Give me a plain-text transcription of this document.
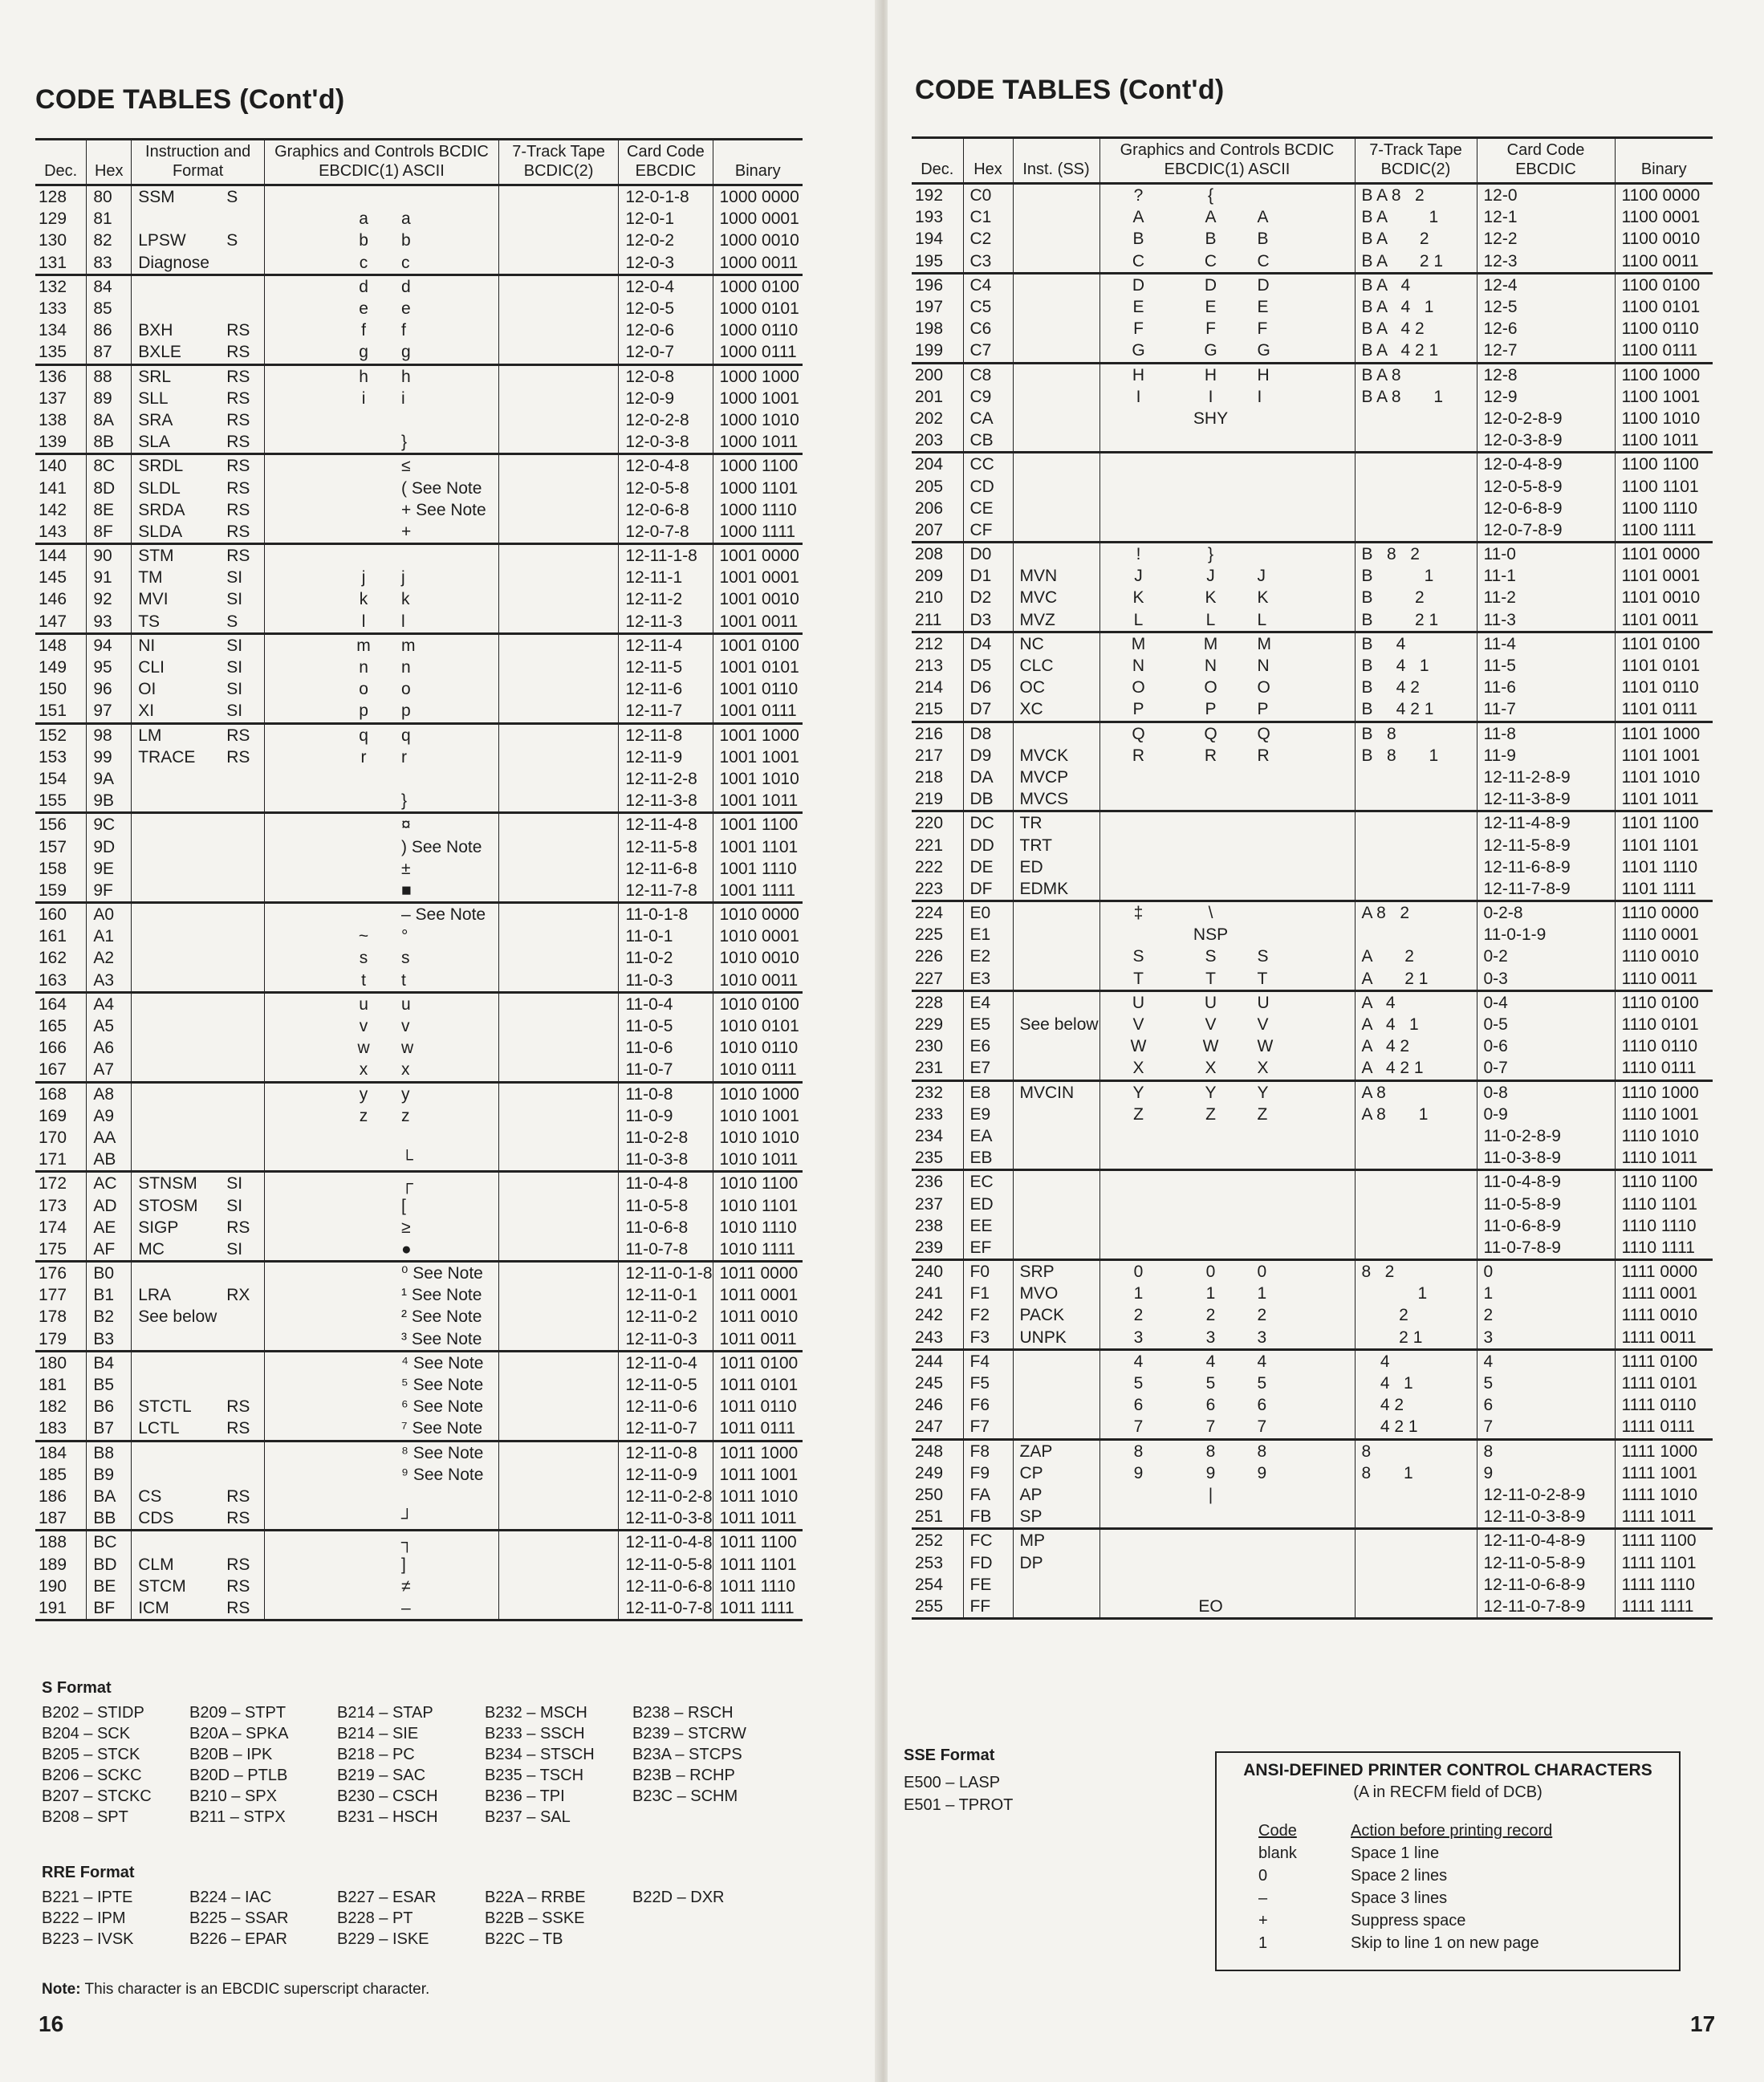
CODE TABLES (Cont'd)
Dec.	Hex	Instruction and Format	Graphics and Controls BCDIC EBCDIC(1) ASCII	7-Track Tape BCDIC(2)	Card Code EBCDIC	Binary
128	80	SSM S			12-0-1-8	1000 0000
129	81		a a		12-0-1	1000 0001
130	82	LPSW S	b b		12-0-2	1000 0010
131	83	Diagnose	c c		12-0-3	1000 0011
132	84		d d		12-0-4	1000 0100
133	85		e e		12-0-5	1000 0101
134	86	BXH RS	f f		12-0-6	1000 0110
135	87	BXLE RS	g g		12-0-7	1000 0111
136	88	SRL RS	h h		12-0-8	1000 1000
137	89	SLL RS	i i		12-0-9	1000 1001
138	8A	SRA RS			12-0-2-8	1000 1010
139	8B	SLA RS	}		12-0-3-8	1000 1011
140	8C	SRDL RS	≤		12-0-4-8	1000 1100
141	8D	SLDL RS	( See Note		12-0-5-8	1000 1101
142	8E	SRDA RS	+ See Note		12-0-6-8	1000 1110
143	8F	SLDA RS	+		12-0-7-8	1000 1111
144	90	STM RS			12-11-1-8	1001 0000
145	91	TM SI	j j		12-11-1	1001 0001
146	92	MVI SI	k k		12-11-2	1001 0010
147	93	TS S	l l		12-11-3	1001 0011
148	94	NI SI	m m		12-11-4	1001 0100
149	95	CLI SI	n n		12-11-5	1001 0101
150	96	OI SI	o o		12-11-6	1001 0110
151	97	XI SI	p p		12-11-7	1001 0111
152	98	LM RS	q q		12-11-8	1001 1000
153	99	TRACE RS	r r		12-11-9	1001 1001
154	9A				12-11-2-8	1001 1010
155	9B		}		12-11-3-8	1001 1011
156	9C		¤		12-11-4-8	1001 1100
157	9D		) See Note		12-11-5-8	1001 1101
158	9E		±		12-11-6-8	1001 1110
159	9F		■		12-11-7-8	1001 1111
160	A0		– See Note		11-0-1-8	1010 0000
161	A1		~ °		11-0-1	1010 0001
162	A2		s s		11-0-2	1010 0010
163	A3		t t		11-0-3	1010 0011
164	A4		u u		11-0-4	1010 0100
165	A5		v v		11-0-5	1010 0101
166	A6		w w		11-0-6	1010 0110
167	A7		x x		11-0-7	1010 0111
168	A8		y y		11-0-8	1010 1000
169	A9		z z		11-0-9	1010 1001
170	AA				11-0-2-8	1010 1010
171	AB		└		11-0-3-8	1010 1011
172	AC	STNSM SI	┌		11-0-4-8	1010 1100
173	AD	STOSM SI	[		11-0-5-8	1010 1101
174	AE	SIGP RS	≥		11-0-6-8	1010 1110
175	AF	MC SI	●		11-0-7-8	1010 1111
176	B0		⁰ See Note		12-11-0-1-8	1011 0000
177	B1	LRA RX	¹ See Note		12-11-0-1	1011 0001
178	B2	See below	² See Note		12-11-0-2	1011 0010
179	B3		³ See Note		12-11-0-3	1011 0011
180	B4		⁴ See Note		12-11-0-4	1011 0100
181	B5		⁵ See Note		12-11-0-5	1011 0101
182	B6	STCTL RS	⁶ See Note		12-11-0-6	1011 0110
183	B7	LCTL RS	⁷ See Note		12-11-0-7	1011 0111
184	B8		⁸ See Note		12-11-0-8	1011 1000
185	B9		⁹ See Note		12-11-0-9	1011 1001
186	BA	CS RS			12-11-0-2-8	1011 1010
187	BB	CDS RS	┘		12-11-0-3-8	1011 1011
188	BC		┐		12-11-0-4-8	1011 1100
189	BD	CLM RS	]		12-11-0-5-8	1011 1101
190	BE	STCM RS	≠		12-11-0-6-8	1011 1110
191	BF	ICM RS	–		12-11-0-7-8	1011 1111
S Format
B202 – STIDP	B209 – STPT	B214 – STAP	B232 – MSCH	B238 – RSCH
B204 – SCK	B20A – SPKA	B214 – SIE	B233 – SSCH	B239 – STCRW
B205 – STCK	B20B – IPK	B218 – PC	B234 – STSCH	B23A – STCPS
B206 – SCKC	B20D – PTLB	B219 – SAC	B235 – TSCH	B23B – RCHP
B207 – STCKC	B210 – SPX	B230 – CSCH	B236 – TPI	B23C – SCHM
B208 – SPT	B211 – STPX	B231 – HSCH	B237 – SAL
RRE Format
B221 – IPTE	B224 – IAC	B227 – ESAR	B22A – RRBE	B22D – DXR
B222 – IPM	B225 – SSAR	B228 – PT	B22B – SSKE
B223 – IVSK	B226 – EPAR	B229 – ISKE	B22C – TB
Note: This character is an EBCDIC superscript character.
16
CODE TABLES (Cont'd)
Dec.	Hex	Inst. (SS)	Graphics and Controls BCDIC EBCDIC(1) ASCII	7-Track Tape BCDIC(2)	Card Code EBCDIC	Binary
192	C0		? {	B A 8   2	12-0	1100 0000
193	C1		A A A	B A         1	12-1	1100 0001
194	C2		B B B	B A       2	12-2	1100 0010
195	C3		C C C	B A       2 1	12-3	1100 0011
196	C4		D D D	B A   4	12-4	1100 0100
197	C5		E E E	B A   4   1	12-5	1100 0101
198	C6		F F F	B A   4 2	12-6	1100 0110
199	C7		G G G	B A   4 2 1	12-7	1100 0111
200	C8		H H H	B A 8	12-8	1100 1000
201	C9		I I I	B A 8       1	12-9	1100 1001
202	CA		SHY		12-0-2-8-9	1100 1010
203	CB				12-0-3-8-9	1100 1011
204	CC				12-0-4-8-9	1100 1100
205	CD				12-0-5-8-9	1100 1101
206	CE				12-0-6-8-9	1100 1110
207	CF				12-0-7-8-9	1100 1111
208	D0		! }	B   8   2	11-0	1101 0000
209	D1	MVN	J J J	B           1	11-1	1101 0001
210	D2	MVC	K K K	B         2	11-2	1101 0010
211	D3	MVZ	L L L	B         2 1	11-3	1101 0011
212	D4	NC	M M M	B     4	11-4	1101 0100
213	D5	CLC	N N N	B     4   1	11-5	1101 0101
214	D6	OC	O O O	B     4 2	11-6	1101 0110
215	D7	XC	P P P	B     4 2 1	11-7	1101 0111
216	D8		Q Q Q	B   8	11-8	1101 1000
217	D9	MVCK	R R R	B   8       1	11-9	1101 1001
218	DA	MVCP			12-11-2-8-9	1101 1010
219	DB	MVCS			12-11-3-8-9	1101 1011
220	DC	TR			12-11-4-8-9	1101 1100
221	DD	TRT			12-11-5-8-9	1101 1101
222	DE	ED			12-11-6-8-9	1101 1110
223	DF	EDMK			12-11-7-8-9	1101 1111
224	E0		‡ \	A 8   2	0-2-8	1110 0000
225	E1		NSP		11-0-1-9	1110 0001
226	E2		S S S	A       2	0-2	1110 0010
227	E3		T T T	A       2 1	0-3	1110 0011
228	E4		U U U	A   4	0-4	1110 0100
229	E5	See below	V V V	A   4   1	0-5	1110 0101
230	E6		W W W	A   4 2	0-6	1110 0110
231	E7		X X X	A   4 2 1	0-7	1110 0111
232	E8	MVCIN	Y Y Y	A 8	0-8	1110 1000
233	E9		Z Z Z	A 8       1	0-9	1110 1001
234	EA				11-0-2-8-9	1110 1010
235	EB				11-0-3-8-9	1110 1011
236	EC				11-0-4-8-9	1110 1100
237	ED				11-0-5-8-9	1110 1101
238	EE				11-0-6-8-9	1110 1110
239	EF				11-0-7-8-9	1110 1111
240	F0	SRP	0 0 0	8   2	0	1111 0000
241	F1	MVO	1 1 1	1	1	1111 0001
242	F2	PACK	2 2 2	2	2	1111 0010
243	F3	UNPK	3 3 3	2 1	3	1111 0011
244	F4		4 4 4	4	4	1111 0100
245	F5		5 5 5	4   1	5	1111 0101
246	F6		6 6 6	4 2	6	1111 0110
247	F7		7 7 7	4 2 1	7	1111 0111
248	F8	ZAP	8 8 8	8	8	1111 1000
249	F9	CP	9 9 9	8       1	9	1111 1001
250	FA	AP	|		12-11-0-2-8-9	1111 1010
251	FB	SP			12-11-0-3-8-9	1111 1011
252	FC	MP			12-11-0-4-8-9	1111 1100
253	FD	DP			12-11-0-5-8-9	1111 1101
254	FE				12-11-0-6-8-9	1111 1110
255	FF		EO		12-11-0-7-8-9	1111 1111
SSE Format
E500 – LASP
E501 – TPROT
ANSI-DEFINED PRINTER CONTROL CHARACTERS
(A in RECFM field of DCB)
Code	Action before printing record
blank	Space 1 line
0	Space 2 lines
–	Space 3 lines
+	Suppress space
1	Skip to line 1 on new page
17
